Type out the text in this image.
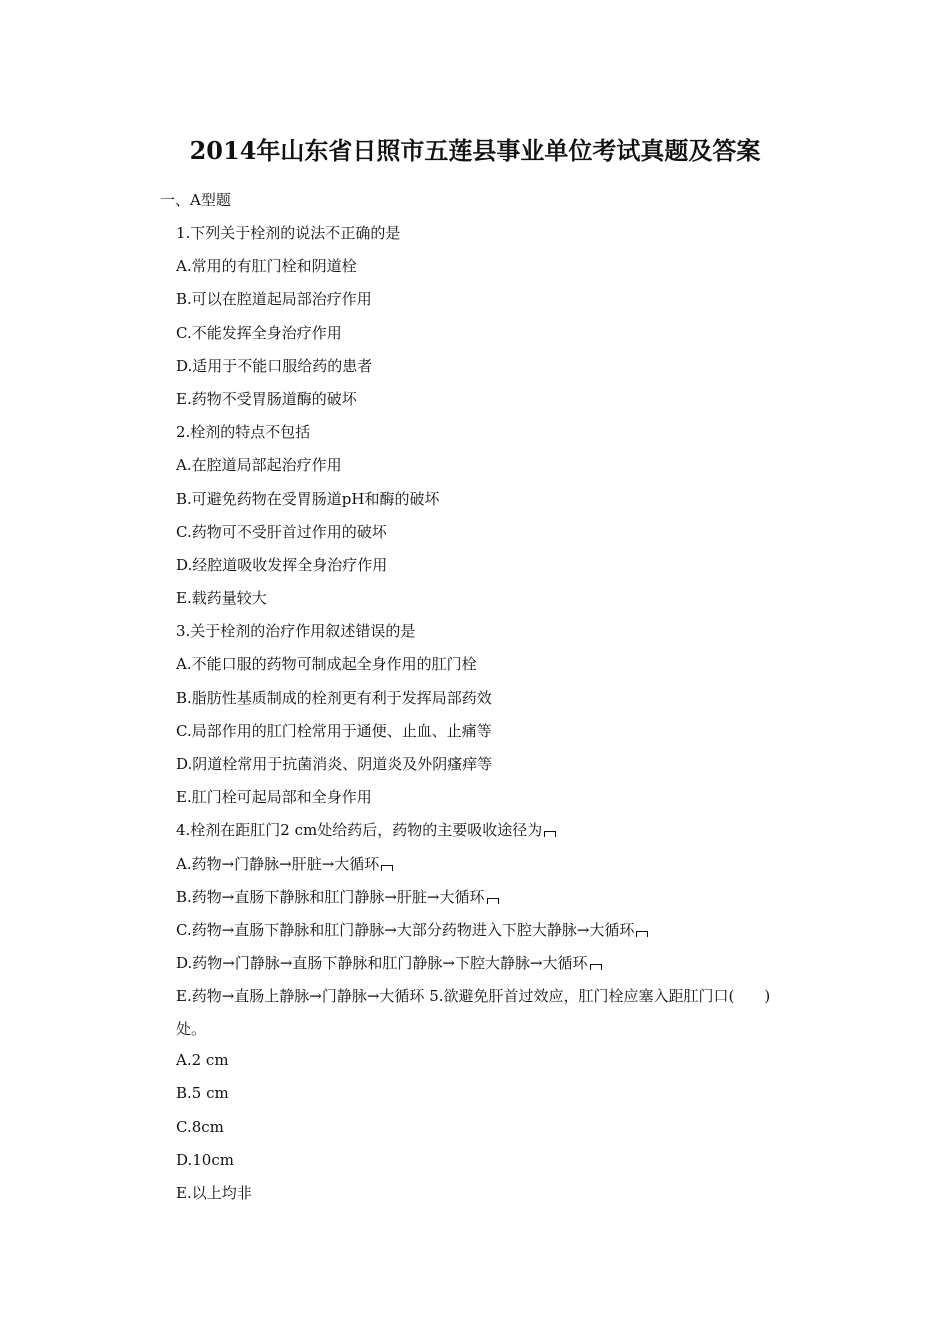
2014年山东省日照市五莲县事业单位考试真题及答案
一、A型题
1.下列关于栓剂的说法不正确的是
A.常用的有肛门栓和阴道栓
B.可以在腔道起局部治疗作用
C.不能发挥全身治疗作用
D.适用于不能口服给药的患者
E.药物不受胃肠道酶的破坏
2.栓剂的特点不包括
A.在腔道局部起治疗作用
B.可避免药物在受胃肠道pH和酶的破坏
C.药物可不受肝首过作用的破坏
D.经腔道吸收发挥全身治疗作用
E.载药量较大
3.关于栓剂的治疗作用叙述错误的是
A.不能口服的药物可制成起全身作用的肛门栓
B.脂肪性基质制成的栓剂更有利于发挥局部药效
C.局部作用的肛门栓常用于通便、止血、止痛等
D.阴道栓常用于抗菌消炎、阴道炎及外阴瘙痒等
E.肛门栓可起局部和全身作用
4.栓剂在距肛门2 cm处给药后，药物的主要吸收途径为
A.药物→门静脉→肝脏→大循环
B.药物→直肠下静脉和肛门静脉→肝脏→大循环
C.药物→直肠下静脉和肛门静脉→大部分药物进入下腔大静脉→大循环
D.药物→门静脉→直肠下静脉和肛门静脉→下腔大静脉→大循环
E.药物→直肠上静脉→门静脉→大循环 5.欲避免肝首过效应，肛门栓应塞入距肛门口(　　)处。
A.2 cm
B.5 cm
C.8cm
D.10cm
E.以上均非
